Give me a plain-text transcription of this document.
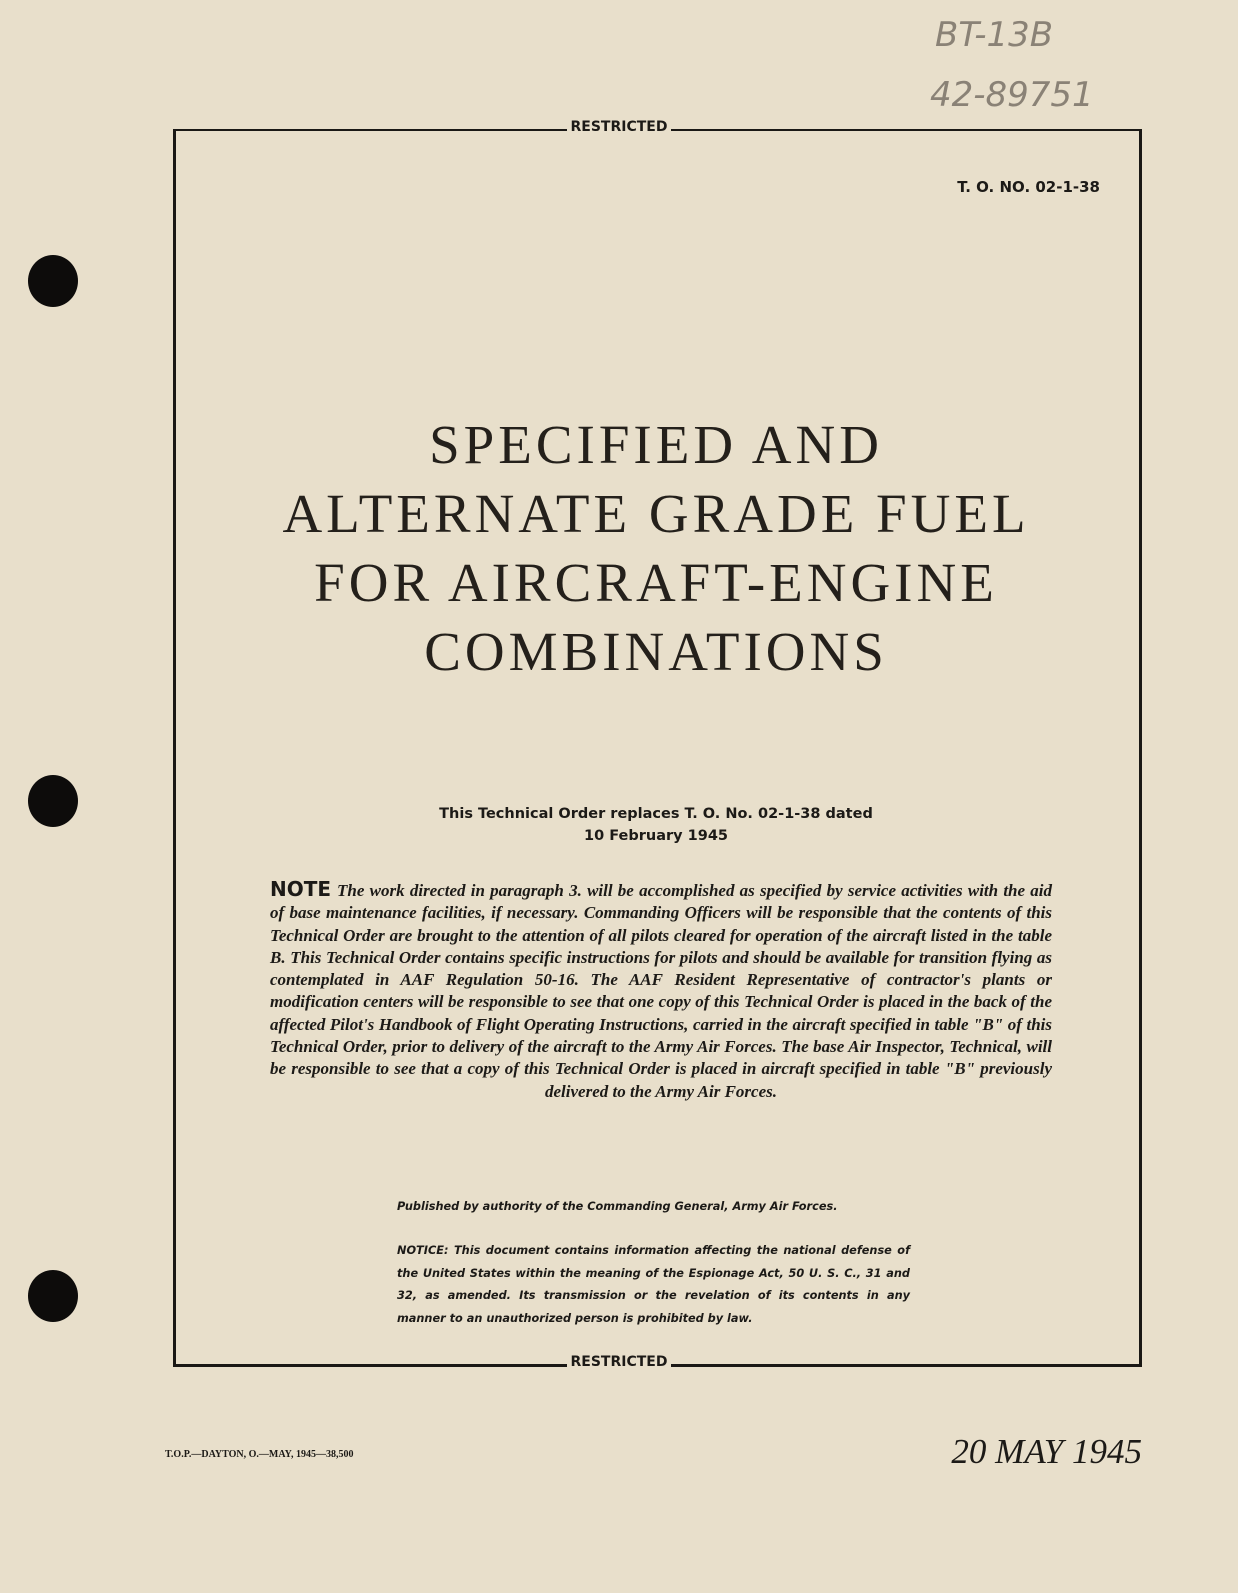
BT-13B
42-89751
RESTRICTED
T. O. NO. 02-1-38
SPECIFIED AND
ALTERNATE GRADE FUEL
FOR AIRCRAFT-ENGINE
COMBINATIONS
This Technical Order replaces T. O. No. 02-1-38 dated
10 February 1945
NOTE The work directed in paragraph 3. will be accomplished as specified by service activities with the aid of base maintenance facilities, if necessary. Commanding Officers will be responsible that the contents of this Technical Order are brought to the attention of all pilots cleared for operation of the aircraft listed in the table B. This Technical Order contains specific instructions for pilots and should be available for transition flying as contemplated in AAF Regulation 50-16. The AAF Resident Representative of contractor's plants or modification centers will be responsible to see that one copy of this Technical Order is placed in the back of the affected Pilot's Handbook of Flight Operating Instructions, carried in the aircraft specified in table "B" of this Technical Order, prior to delivery of the aircraft to the Army Air Forces. The base Air Inspector, Technical, will be responsible to see that a copy of this Technical Order is placed in aircraft specified in table "B" previously delivered to the Army Air Forces.
Published by authority of the Commanding General, Army Air Forces.
NOTICE: This document contains information affecting the national defense of the United States within the meaning of the Espionage Act, 50 U. S. C., 31 and 32, as amended. Its transmission or the revelation of its contents in any manner to an unauthorized person is prohibited by law.
RESTRICTED
T.O.P.—DAYTON, O.—MAY, 1945—38,500	20 MAY 1945
